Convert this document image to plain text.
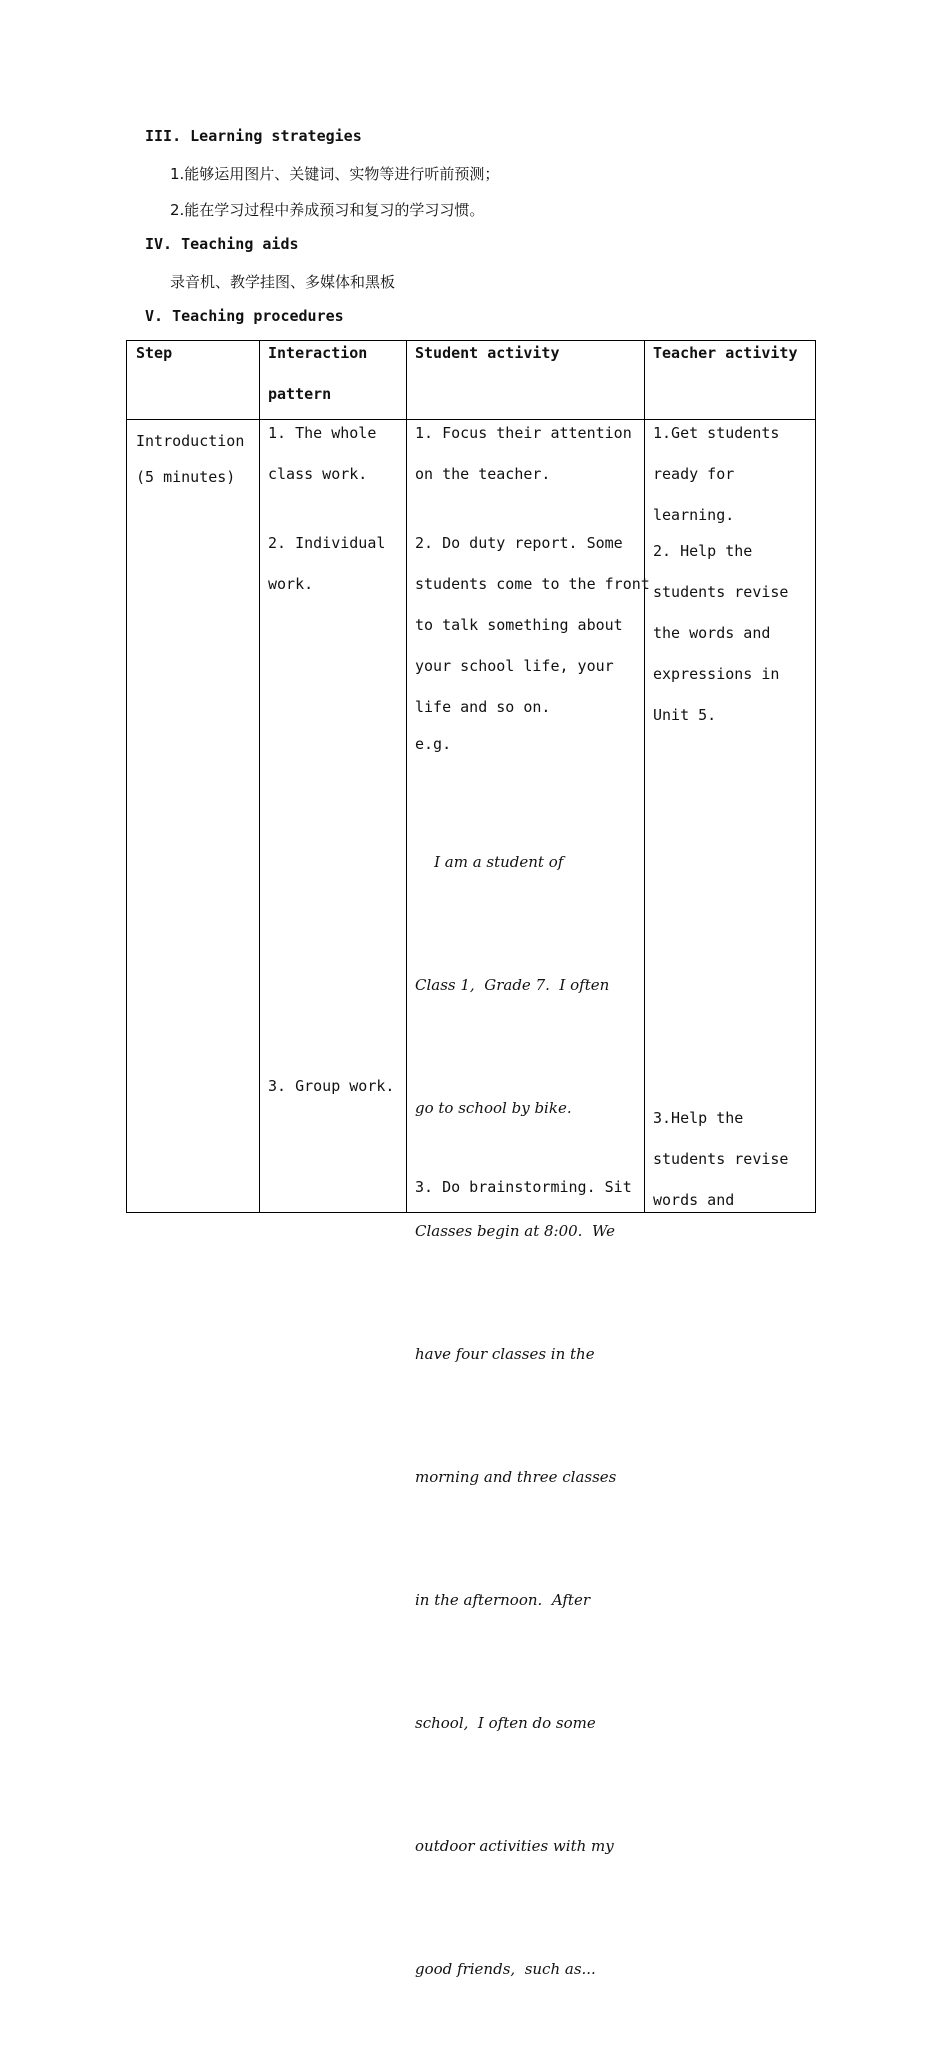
III. Learning strategies
1.能够运用图片、关键词、实物等进行听前预测；
2.能在学习过程中养成预习和复习的学习习惯。
IV. Teaching aids
录音机、教学挂图、多媒体和黑板
V. Teaching procedures
Step	Interaction
pattern
Student activity	Teacher activity
Introduction
(5 minutes)
1. The whole
class work.
2. Individual
work.
3. Group work.
1. Focus their attention
on the teacher.
2. Do duty report. Some
students come to the front
to talk something about
your school life, your
life and so on.
e.g.

I am a student of

Class 1,  Grade 7.  I often

go to school by bike.

Classes begin at 8:00.  We

have four classes in the

morning and three classes

in the afternoon.  After

school,  I often do some

outdoor activities with my

good friends,  such as...

3. Do brainstorming. Sit
1.Get students
ready for
learning.
2. Help the
students revise
the words and
expressions in
Unit 5.
3.Help the
students revise
words and
